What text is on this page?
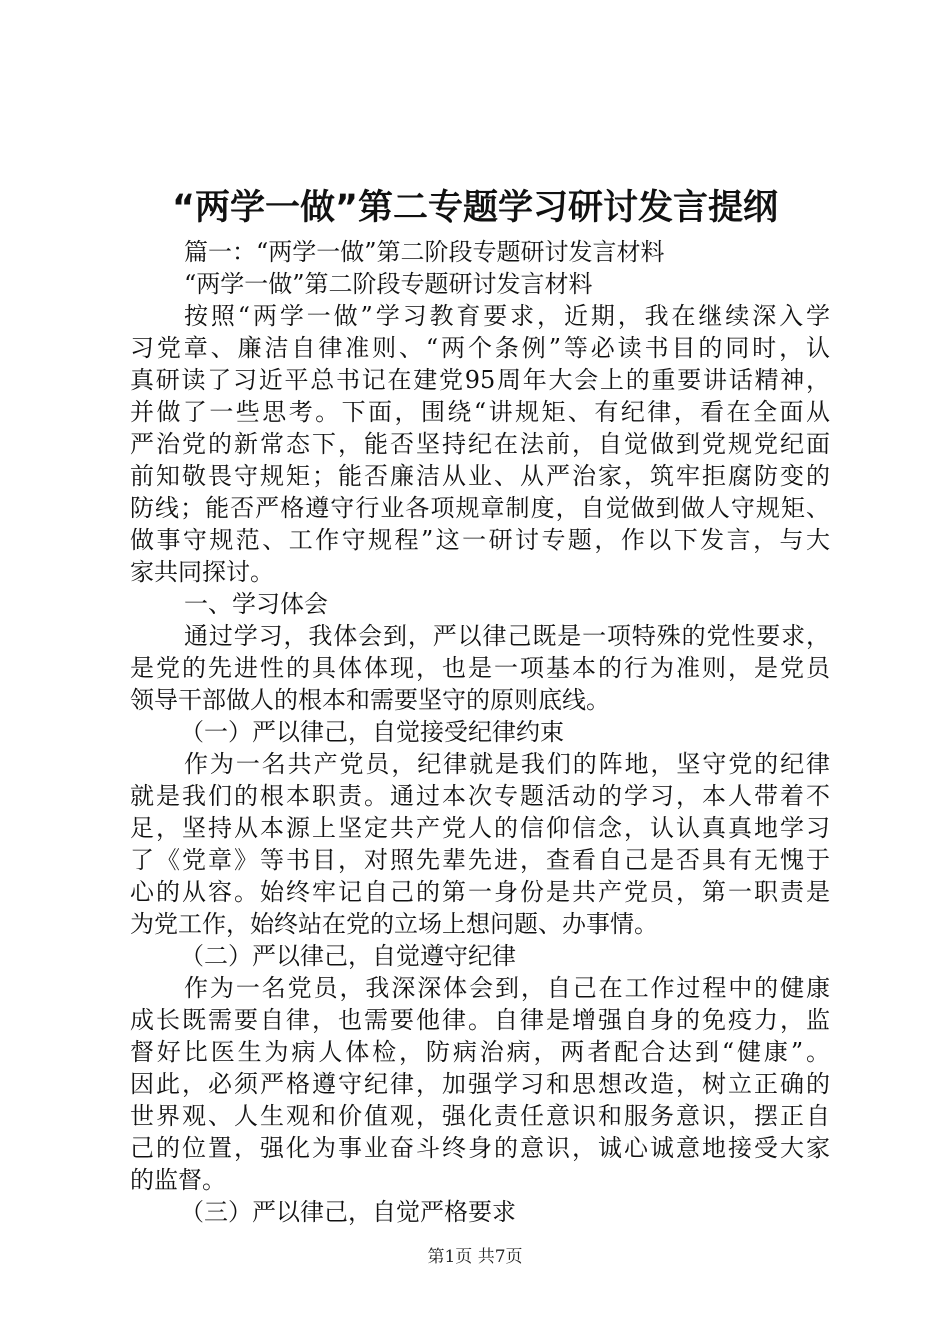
“两学一做”第二专题学习研讨发言提纲
篇一：“两学一做”第二阶段专题研讨发言材料
“两学一做”第二阶段专题研讨发言材料
按照“两学一做”学习教育要求，近期，我在继续深入学
习党章、廉洁自律准则、“两个条例”等必读书目的同时，认
真研读了习近平总书记在建党95周年大会上的重要讲话精神，
并做了一些思考。下面，围绕“讲规矩、有纪律，看在全面从
严治党的新常态下，能否坚持纪在法前，自觉做到党规党纪面
前知敬畏守规矩；能否廉洁从业、从严治家，筑牢拒腐防变的
防线；能否严格遵守行业各项规章制度，自觉做到做人守规矩、
做事守规范、工作守规程”这一研讨专题，作以下发言，与大
家共同探讨。
一、学习体会
通过学习，我体会到，严以律己既是一项特殊的党性要求，
是党的先进性的具体体现，也是一项基本的行为准则，是党员
领导干部做人的根本和需要坚守的原则底线。
（一）严以律己，自觉接受纪律约束
作为一名共产党员，纪律就是我们的阵地，坚守党的纪律
就是我们的根本职责。通过本次专题活动的学习，本人带着不
足，坚持从本源上坚定共产党人的信仰信念，认认真真地学习
了《党章》等书目，对照先辈先进，查看自己是否具有无愧于
心的从容。始终牢记自己的第一身份是共产党员，第一职责是
为党工作，始终站在党的立场上想问题、办事情。
（二）严以律己，自觉遵守纪律
作为一名党员，我深深体会到，自己在工作过程中的健康
成长既需要自律，也需要他律。自律是增强自身的免疫力，监
督好比医生为病人体检，防病治病，两者配合达到“健康”。
因此，必须严格遵守纪律，加强学习和思想改造，树立正确的
世界观、人生观和价值观，强化责任意识和服务意识，摆正自
己的位置，强化为事业奋斗终身的意识，诚心诚意地接受大家
的监督。
（三）严以律己，自觉严格要求
第1页 共7页
